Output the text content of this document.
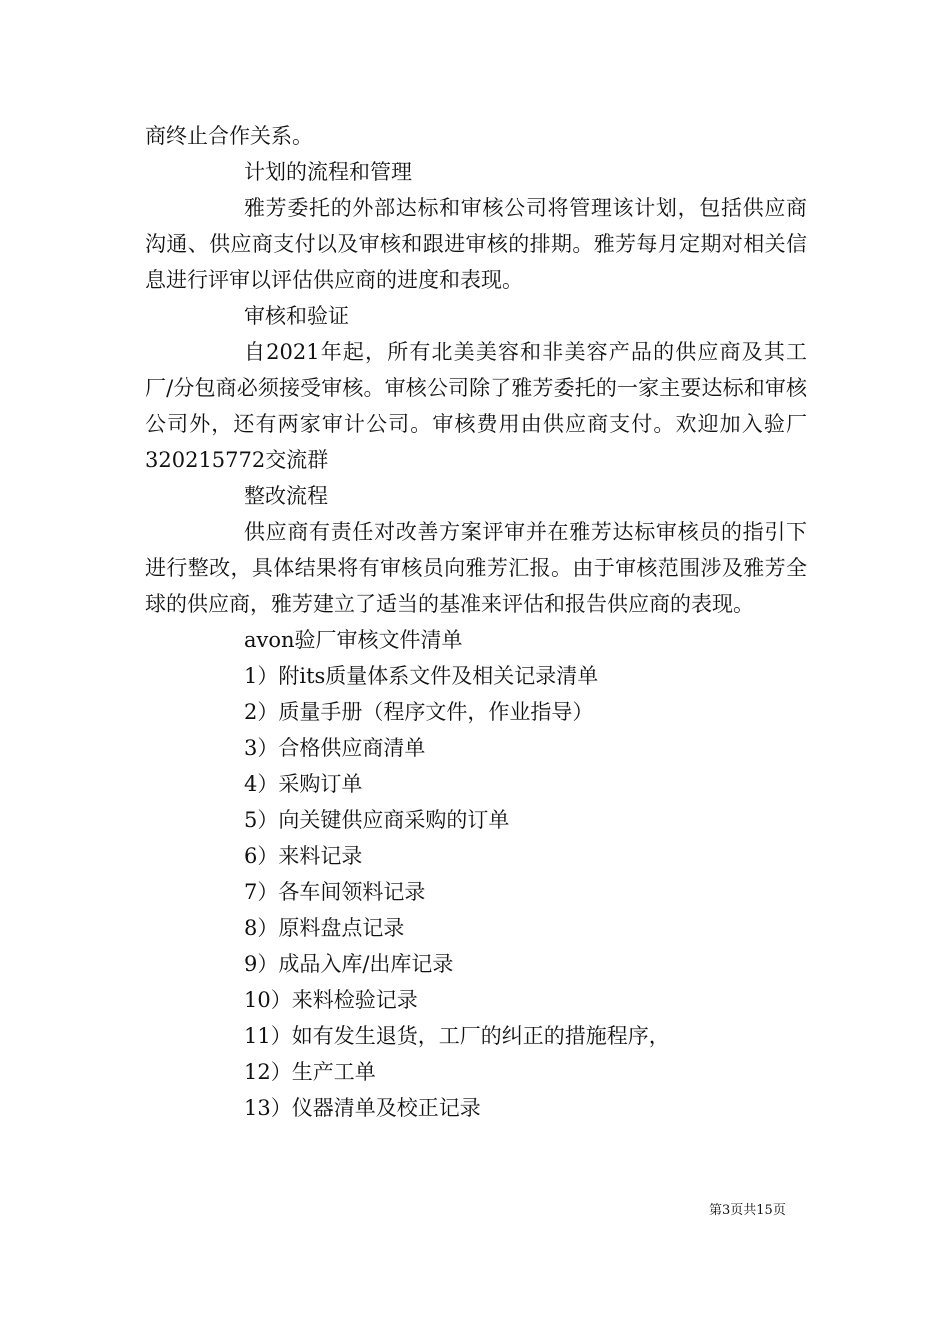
商终止合作关系。

计划的流程和管理

雅芳委托的外部达标和审核公司将管理该计划，包括供应商沟通、供应商支付以及审核和跟进审核的排期。雅芳每月定期对相关信息进行评审以评估供应商的进度和表现。

审核和验证

自2021年起，所有北美美容和非美容产品的供应商及其工厂/分包商必须接受审核。审核公司除了雅芳委托的一家主要达标和审核公司外，还有两家审计公司。审核费用由供应商支付。欢迎加入验厂320215772交流群

整改流程

供应商有责任对改善方案评审并在雅芳达标审核员的指引下进行整改，具体结果将有审核员向雅芳汇报。由于审核范围涉及雅芳全球的供应商，雅芳建立了适当的基准来评估和报告供应商的表现。

avon验厂审核文件清单

1）附its质量体系文件及相关记录清单

2）质量手册（程序文件，作业指导）

3）合格供应商清单

4）采购订单

5）向关键供应商采购的订单

6）来料记录

7）各车间领料记录

8）原料盘点记录

9）成品入库/出库记录

10）来料检验记录

11）如有发生退货，工厂的纠正的措施程序，

12）生产工单

13）仪器清单及校正记录

第3页共15页
